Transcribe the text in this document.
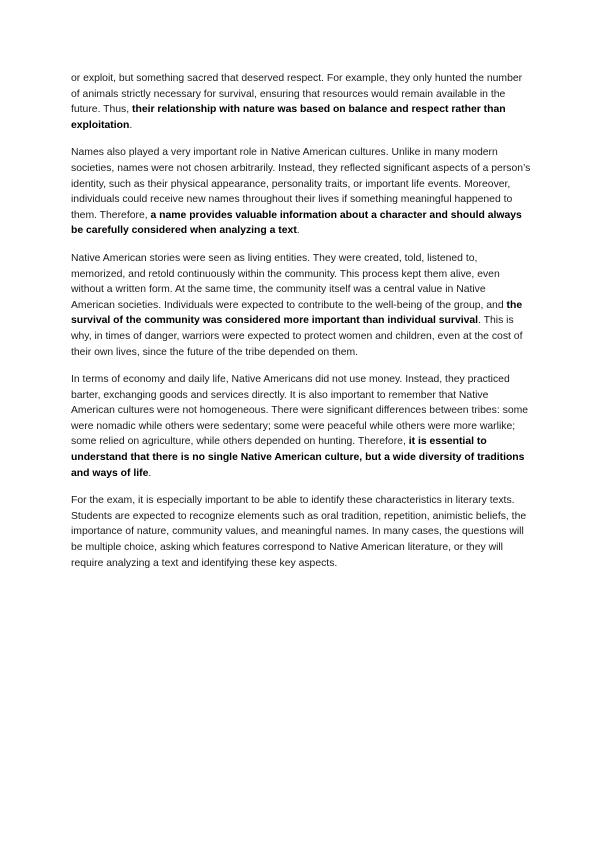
or exploit, but something sacred that deserved respect. For example, they only hunted the number of animals strictly necessary for survival, ensuring that resources would remain available in the future. Thus, their relationship with nature was based on balance and respect rather than exploitation.

Names also played a very important role in Native American cultures. Unlike in many modern societies, names were not chosen arbitrarily. Instead, they reflected significant aspects of a person’s identity, such as their physical appearance, personality traits, or important life events. Moreover, individuals could receive new names throughout their lives if something meaningful happened to them. Therefore, a name provides valuable information about a character and should always be carefully considered when analyzing a text.

Native American stories were seen as living entities. They were created, told, listened to, memorized, and retold continuously within the community. This process kept them alive, even without a written form. At the same time, the community itself was a central value in Native American societies. Individuals were expected to contribute to the well-being of the group, and the survival of the community was considered more important than individual survival. This is why, in times of danger, warriors were expected to protect women and children, even at the cost of their own lives, since the future of the tribe depended on them.

In terms of economy and daily life, Native Americans did not use money. Instead, they practiced barter, exchanging goods and services directly. It is also important to remember that Native American cultures were not homogeneous. There were significant differences between tribes: some were nomadic while others were sedentary; some were peaceful while others were more warlike; some relied on agriculture, while others depended on hunting. Therefore, it is essential to understand that there is no single Native American culture, but a wide diversity of traditions and ways of life.

For the exam, it is especially important to be able to identify these characteristics in literary texts. Students are expected to recognize elements such as oral tradition, repetition, animistic beliefs, the importance of nature, community values, and meaningful names. In many cases, the questions will be multiple choice, asking which features correspond to Native American literature, or they will require analyzing a text and identifying these key aspects.
